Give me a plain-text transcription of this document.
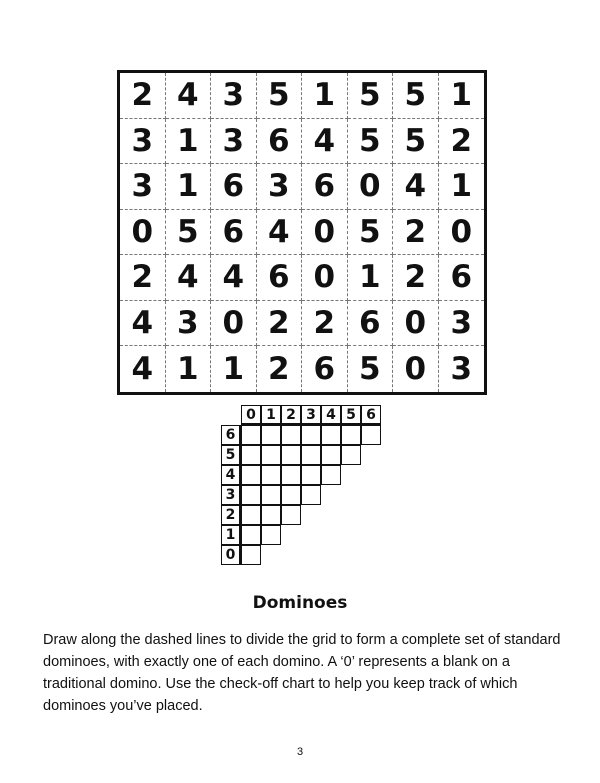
2 4 3 5 1 5 5 1
3 1 3 6 4 5 5 2
3 1 6 3 6 0 4 1
0 5 6 4 0 5 2 0
2 4 4 6 0 1 2 6
4 3 0 2 2 6 0 3
4 1 1 2 6 5 0 3
0 1 2 3 4 5 6
6
5
4
3
2
1
0
Dominoes

Draw along the dashed lines to divide the grid to form a complete set of standard dominoes, with exactly one of each domino. A ‘0’ represents a blank on a traditional domino. Use the check-off chart to help you keep track of which dominoes you’ve placed.

3
